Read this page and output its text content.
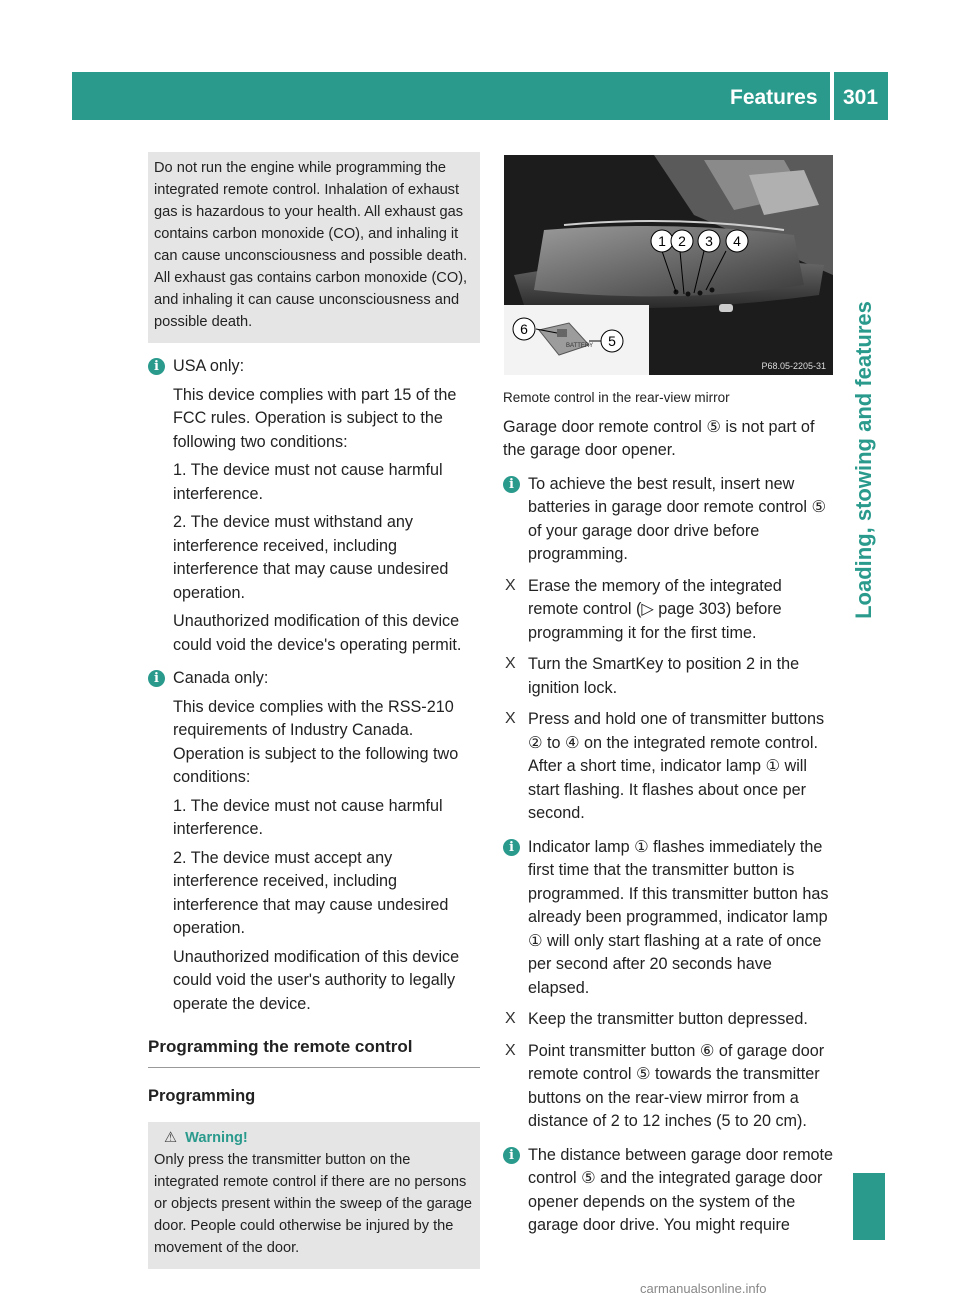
Features 301
Loading, stowing and features

Do not run the engine while programming the integrated remote control. Inhalation of exhaust gas is hazardous to your health. All exhaust gas contains carbon monoxide (CO), and inhaling it can cause unconsciousness and possible death. All exhaust gas contains carbon monoxide (CO), and inhaling it can cause unconsciousness and possible death.

i USA only:

This device complies with part 15 of the FCC rules. Operation is subject to the following two conditions:

1. The device must not cause harmful interference.

2. The device must withstand any interference received, including interference that may cause undesired operation.

Unauthorized modification of this device could void the device's operating permit.

i Canada only:

This device complies with the RSS-210 requirements of Industry Canada. Operation is subject to the following two conditions:

1. The device must not cause harmful interference.

2. The device must accept any interference received, including interference that may cause undesired operation.

Unauthorized modification of this device could void the user's authority to legally operate the device.

Programming the remote control
Programming

⚠ Warning!

Only press the transmitter button on the integrated remote control if there are no persons or objects present within the sweep of the garage door. People could otherwise be injured by the movement of the door.

1 2 3 4
BATTERY
6
5
P68.05-2205-31

Remote control in the rear-view mirror

Garage door remote control ⑤ is not part of the garage door opener.

i To achieve the best result, insert new batteries in garage door remote control ⑤ of your garage door drive before programming.

X Erase the memory of the integrated remote control (▷ page 303) before programming it for the first time.

X Turn the SmartKey to position 2 in the ignition lock.

X Press and hold one of transmitter buttons ② to ④ on the integrated remote control.

After a short time, indicator lamp ① will start flashing. It flashes about once per second.

i Indicator lamp ① flashes immediately the first time that the transmitter button is programmed. If this transmitter button has already been programmed, indicator lamp ① will only start flashing at a rate of once per second after 20 seconds have elapsed.

X Keep the transmitter button depressed.

X Point transmitter button ⑥ of garage door remote control ⑤ towards the transmitter buttons on the rear-view mirror from a distance of 2 to 12 inches (5 to 20 cm).

i The distance between garage door remote control ⑤ and the integrated garage door opener depends on the system of the garage door drive. You might require

carmanualsonline.info
